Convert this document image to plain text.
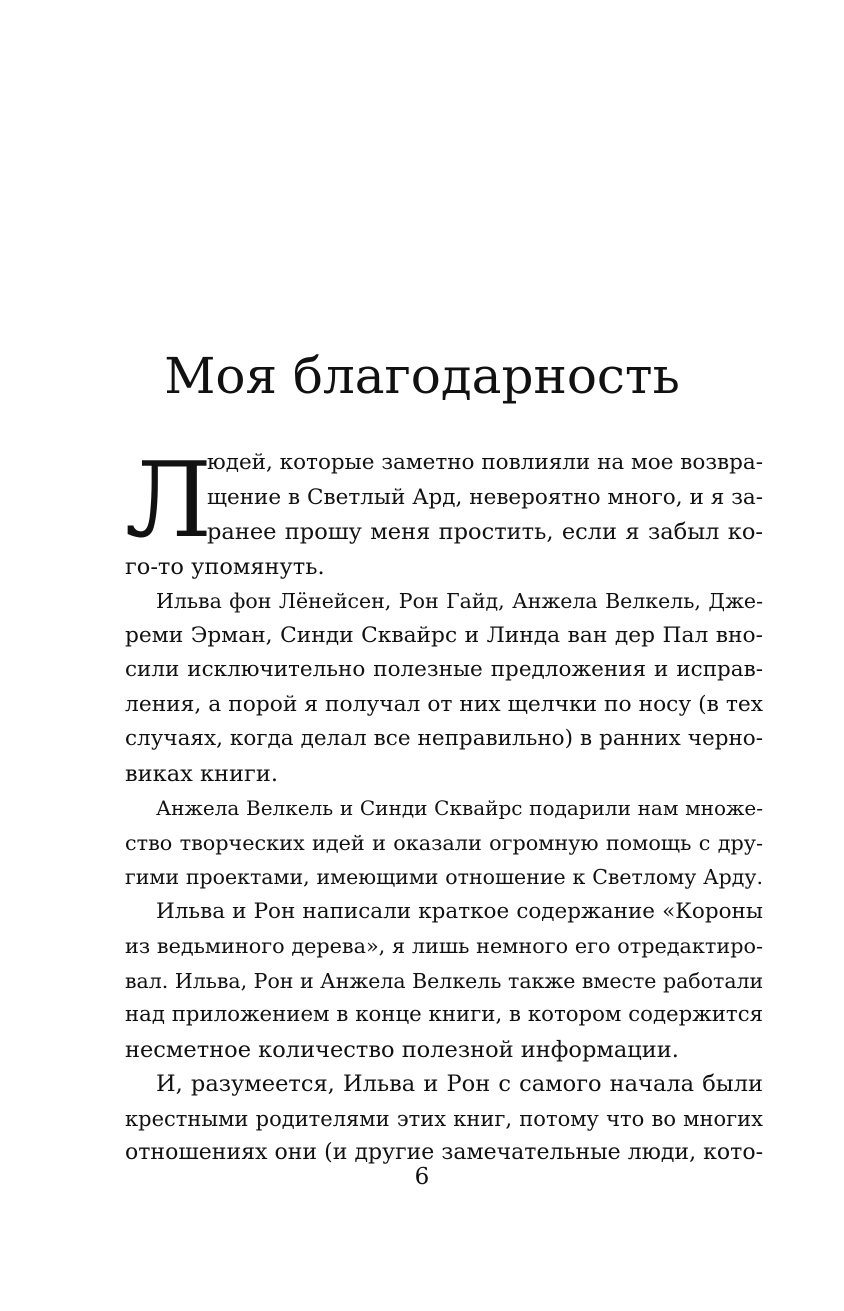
Моя благодарность
Л
юдей, которые заметно повлияли на мое возвра-
щение в Светлый Ард, невероятно много, и я за-
ранее прошу меня простить, если я забыл ко-
го-то упомянуть.
Ильва фон Лёнейсен, Рон Гайд, Анжела Велкель, Дже-
реми Эрман, Синди Сквайрс и Линда ван дер Пал вно-
сили исключительно полезные предложения и исправ-
ления, а порой я получал от них щелчки по носу (в тех
случаях, когда делал все неправильно) в ранних черно-
виках книги.
Анжела Велкель и Синди Сквайрс подарили нам множе-
ство творческих идей и оказали огромную помощь с дру-
гими проектами, имеющими отношение к Светлому Арду.
Ильва и Рон написали краткое содержание «Короны
из ведьминого дерева», я лишь немного его отредактиро-
вал. Ильва, Рон и Анжела Велкель также вместе работали
над приложением в конце книги, в котором содержится
несметное количество полезной информации.
И, разумеется, Ильва и Рон с самого начала были
крестными родителями этих книг, потому что во многих
отношениях они (и другие замечательные люди, кото-
6
